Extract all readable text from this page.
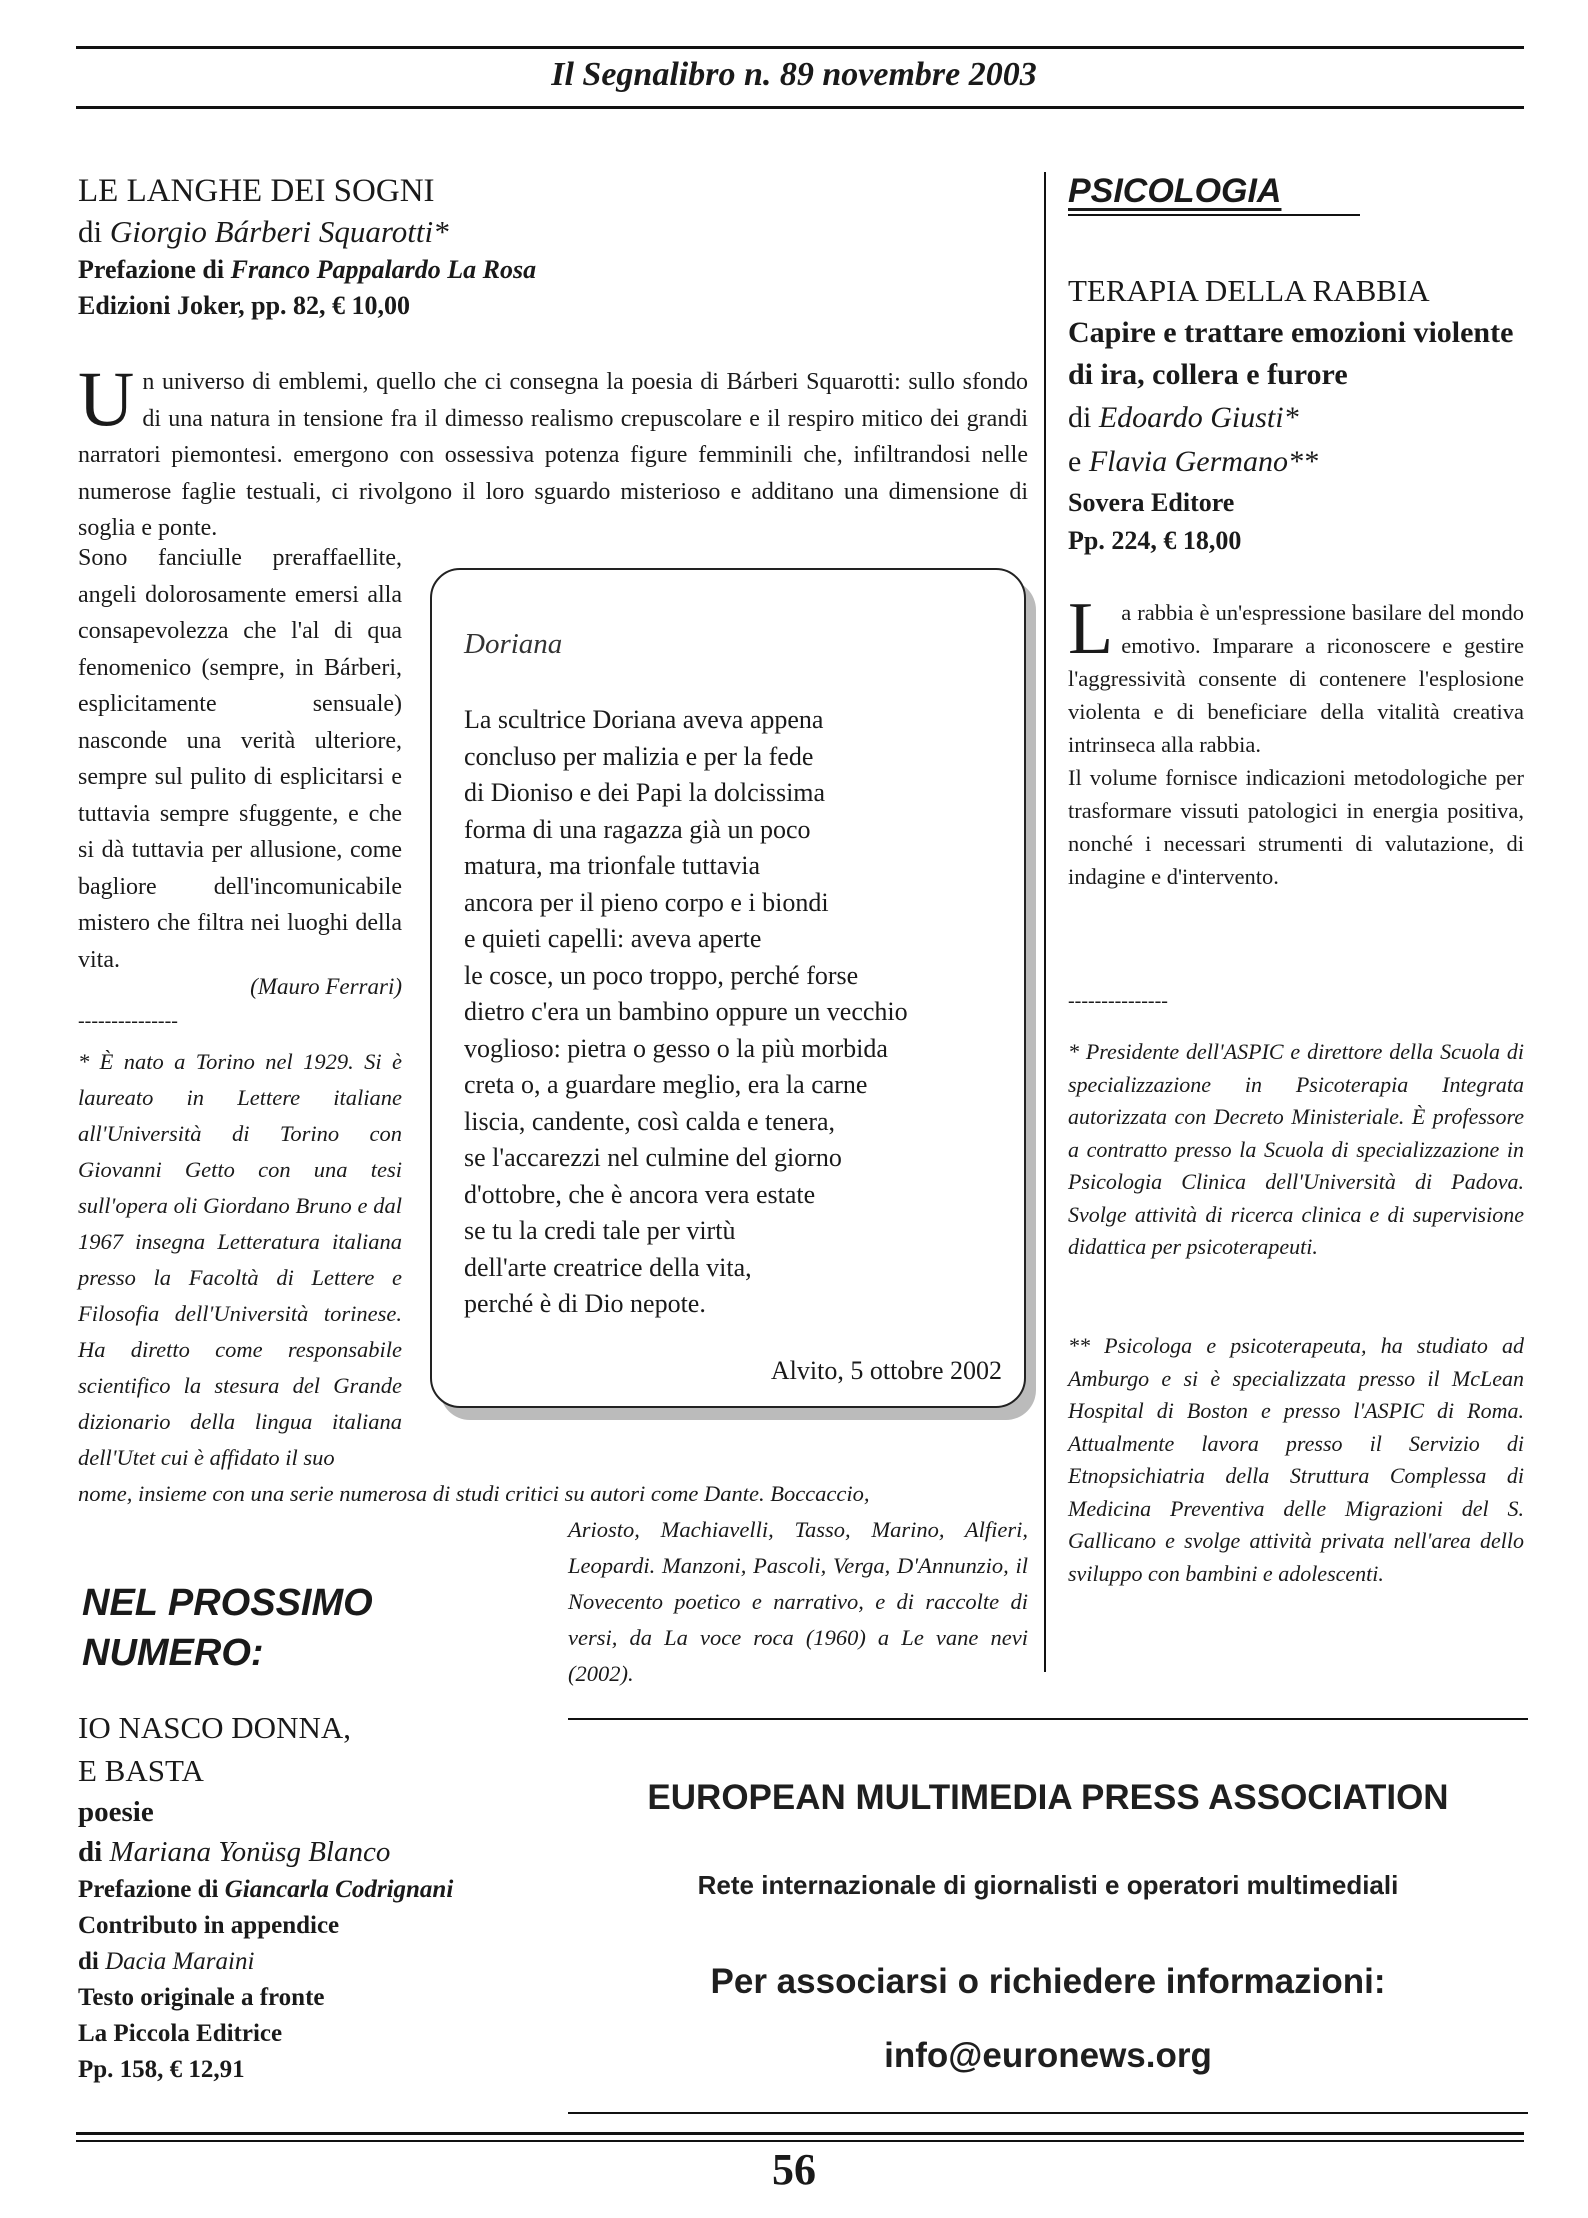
Il Segnalibro n. 89 novembre 2003
LE LANGHE DEI SOGNI
di Giorgio Bárberi Squarotti*
Prefazione di Franco Pappalardo La Rosa
Edizioni Joker, pp. 82, € 10,00
Un universo di emblemi, quello che ci consegna la poesia di Bárberi Squarotti: sullo sfondo di una natura in tensione fra il dimesso realismo crepuscolare e il respiro mitico dei grandi narratori piemontesi. emergono con ossessiva potenza figure femminili che, infiltrandosi nelle numerose faglie testuali, ci rivolgono il loro sguardo misterioso e additano una dimensione di soglia e ponte.
Sono fanciulle preraffaellite, angeli dolorosamente emersi alla consapevolezza che l'al di qua fenomenico (sempre, in Bárberi, esplicitamente sensuale) nasconde una verità ulteriore, sempre sul pulito di esplicitarsi e tuttavia sempre sfuggente, e che si dà tuttavia per allusione, come bagliore dell'incomunicabile mistero che filtra nei luoghi della vita.
(Mauro Ferrari)
---------------
* È nato a Torino nel 1929. Si è laureato in Lettere italiane all'Università di Torino con Giovanni Getto con una tesi sull'opera oli Giordano Bruno e dal 1967 insegna Letteratura italiana presso la Facoltà di Lettere e Filosofia dell'Università torinese. Ha diretto come responsabile scientifico la stesura del Grande dizionario della lingua italiana dell'Utet cui è affidato il suo
nome, insieme con una serie numerosa di studi critici su autori come Dante. Boccaccio,
Ariosto, Machiavelli, Tasso, Marino, Alfieri, Leopardi. Manzoni, Pascoli, Verga, D'Annunzio, il Novecento poetico e narrativo, e di raccolte di versi, da La voce roca (1960) a Le vane nevi (2002).
Doriana
La scultrice Doriana aveva appena
concluso per malizia e per la fede
di Dioniso e dei Papi la dolcissima
forma di una ragazza già un poco
matura, ma trionfale tuttavia
ancora per il pieno corpo e i biondi
e quieti capelli: aveva aperte
le cosce, un poco troppo, perché forse
dietro c'era un bambino oppure un vecchio
voglioso: pietra o gesso o la più morbida
creta o, a guardare meglio, era la carne
liscia, candente, così calda e tenera,
se l'accarezzi nel culmine del giorno
d'ottobre, che è ancora vera estate
se tu la credi tale per virtù
dell'arte creatrice della vita,
perché è di Dio nepote.
Alvito, 5 ottobre 2002
PSICOLOGIA
TERAPIA DELLA RABBIA
Capire e trattare emozioni violente di ira, collera e furore
di Edoardo Giusti*
e Flavia Germano**
Sovera Editore
Pp. 224, € 18,00
La rabbia è un'espressione basilare del mondo emotivo. Imparare a riconoscere e gestire l'aggressività consente di contenere l'esplosione violenta e di beneficiare della vitalità creativa intrinseca alla rabbia.
Il volume fornisce indicazioni metodologiche per trasformare vissuti patologici in energia positiva, nonché i necessari strumenti di valutazione, di indagine e d'intervento.
---------------
* Presidente dell'ASPIC e direttore della Scuola di specializzazione in Psicoterapia Integrata autorizzata con Decreto Ministeriale. È professore a contratto presso la Scuola di specializzazione in Psicologia Clinica dell'Università di Padova. Svolge attività di ricerca clinica e di supervisione didattica per psicoterapeuti.
** Psicologa e psicoterapeuta, ha studiato ad Amburgo e si è specializzata presso il McLean Hospital di Boston e presso l'ASPIC di Roma. Attualmente lavora presso il Servizio di Etnopsichiatria della Struttura Complessa di Medicina Preventiva delle Migrazioni del S. Gallicano e svolge attività privata nell'area dello sviluppo con bambini e adolescenti.
NEL PROSSIMO
NUMERO:
IO NASCO DONNA,
E BASTA
poesie
di Mariana Yonüsg Blanco
Prefazione di Giancarla Codrignani
Contributo in appendice
di Dacia Maraini
Testo originale a fronte
La Piccola Editrice
Pp. 158, € 12,91
EUROPEAN MULTIMEDIA PRESS ASSOCIATION
Rete internazionale di giornalisti e operatori multimediali
Per associarsi o richiedere informazioni:
info@euronews.org
56
